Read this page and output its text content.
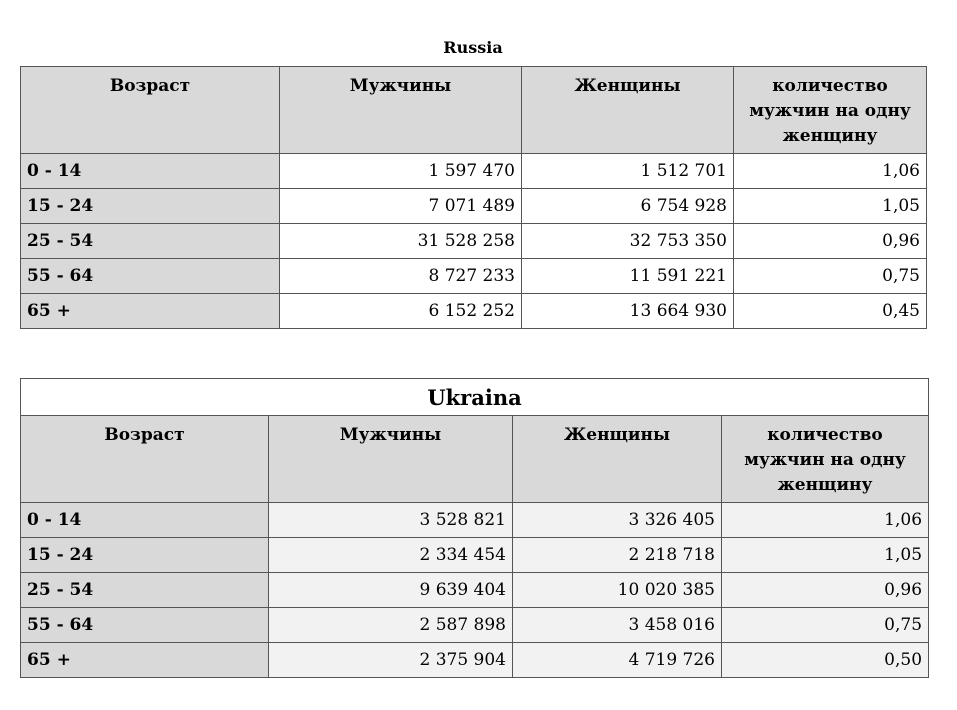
Russia
Возраст	Мужчины	Женщины	количество мужчин на одну женщину
0 - 14	1 597 470	1 512 701	1,06
15 - 24	7 071 489	6 754 928	1,05
25 - 54	31 528 258	32 753 350	0,96
55 - 64	8 727 233	11 591 221	0,75
65 +	6 152 252	13 664 930	0,45
Ukraina			
Возраст	Мужчины	Женщины	количество мужчин на одну женщину
0 - 14	3 528 821	3 326 405	1,06
15 - 24	2 334 454	2 218 718	1,05
25 - 54	9 639 404	10 020 385	0,96
55 - 64	2 587 898	3 458 016	0,75
65 +	2 375 904	4 719 726	0,50
